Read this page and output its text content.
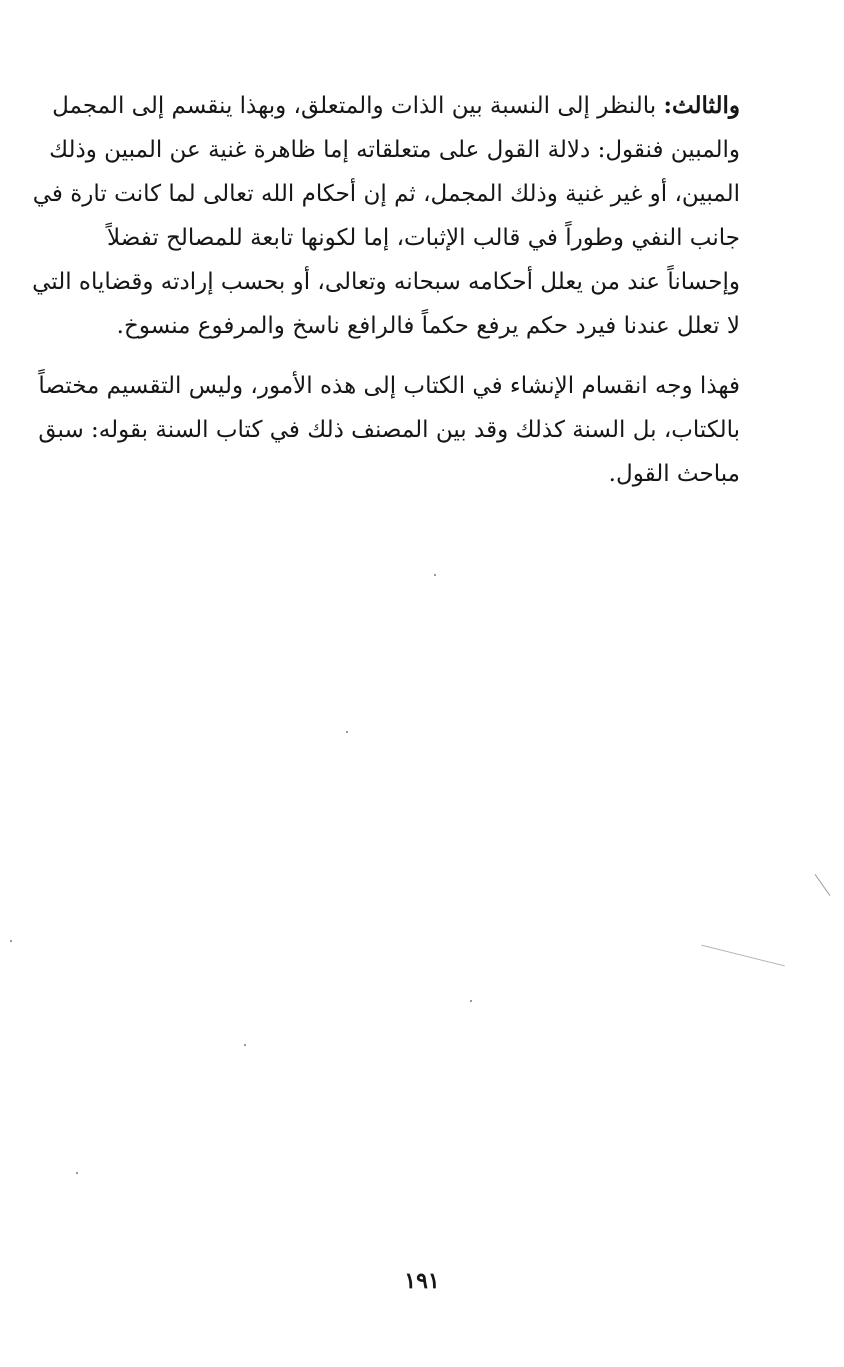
والثالث: بالنظر إلى النسبة بين الذات والمتعلق، وبهذا ينقسم إلى المجمل
والمبين فنقول: دلالة القول على متعلقاته إما ظاهرة غنية عن المبين وذلك
المبين، أو غير غنية وذلك المجمل، ثم إن أحكام الله تعالى لما كانت تارة في
جانب النفي وطوراً في قالب الإثبات، إما لكونها تابعة للمصالح تفضلاً
وإحساناً عند من يعلل أحكامه سبحانه وتعالى، أو بحسب إرادته وقضاياه التي
لا تعلل عندنا فيرد حكم يرفع حكماً فالرافع ناسخ والمرفوع منسوخ.
فهذا وجه انقسام الإنشاء في الكتاب إلى هذه الأمور، وليس التقسيم مختصاً
بالكتاب، بل السنة كذلك وقد بين المصنف ذلك في كتاب السنة بقوله: سبق
مباحث القول.
١٩١
